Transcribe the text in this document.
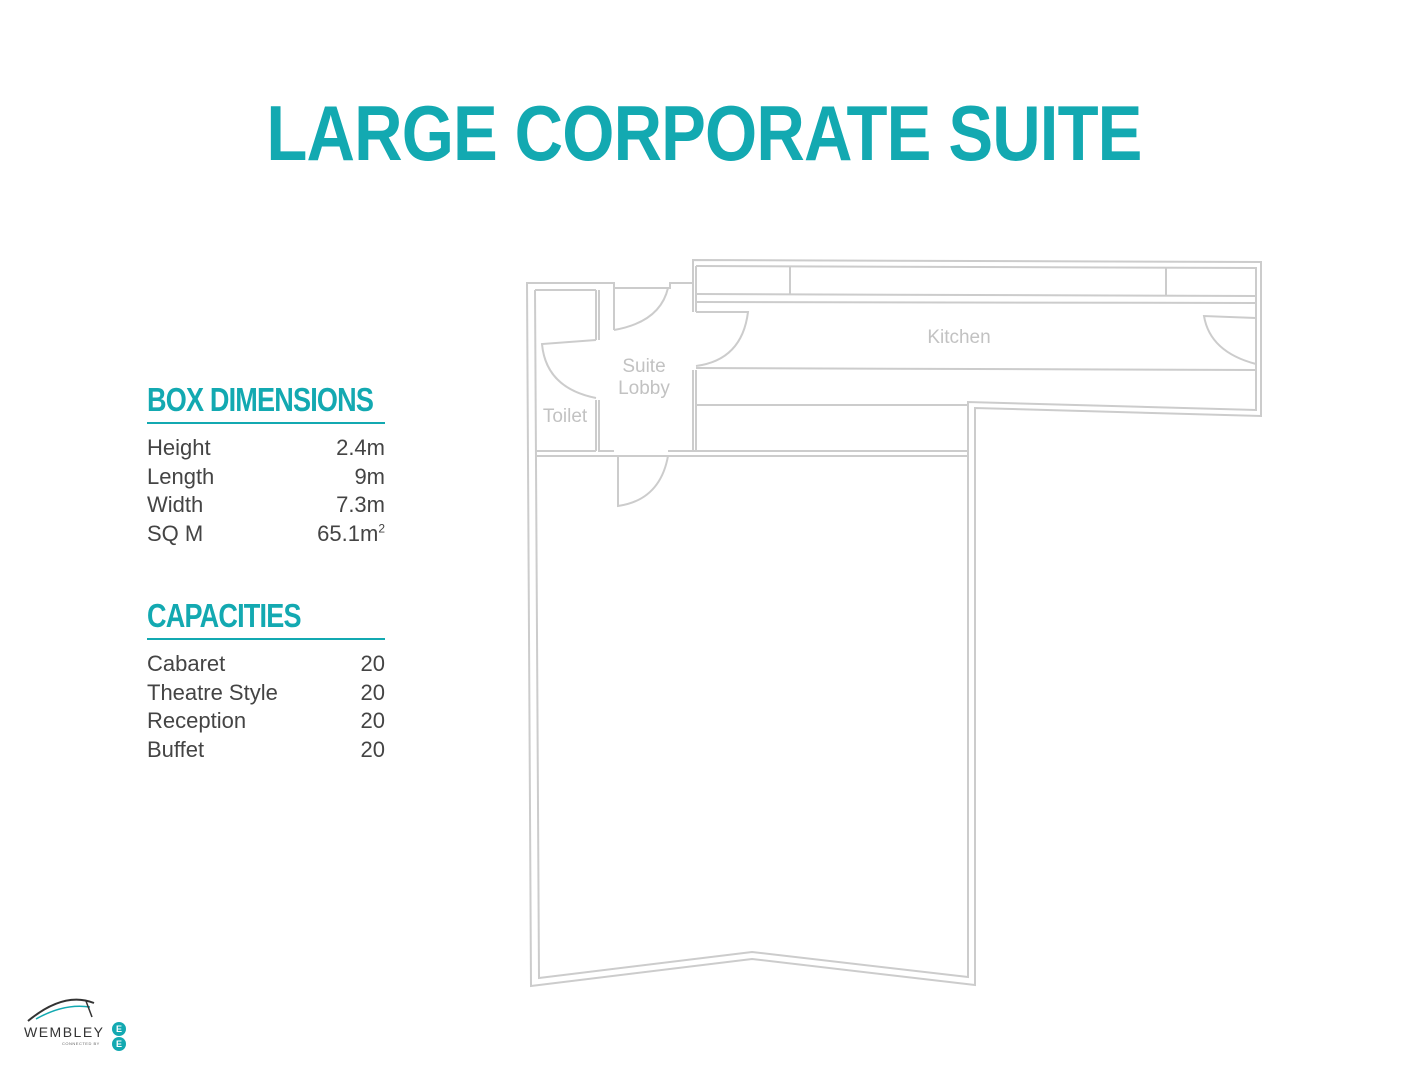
LARGE CORPORATE SUITE
BOX DIMENSIONS
Height	2.4m
Length	9m
Width	7.3m
SQ M	$65.1m^2$
CAPACITIES
Cabaret	20
Theatre Style	20
Reception	20
Buffet	20
Kitchen
Suite
Lobby
Toilet
WEMBLEY
CONNECTED BY
E
E
